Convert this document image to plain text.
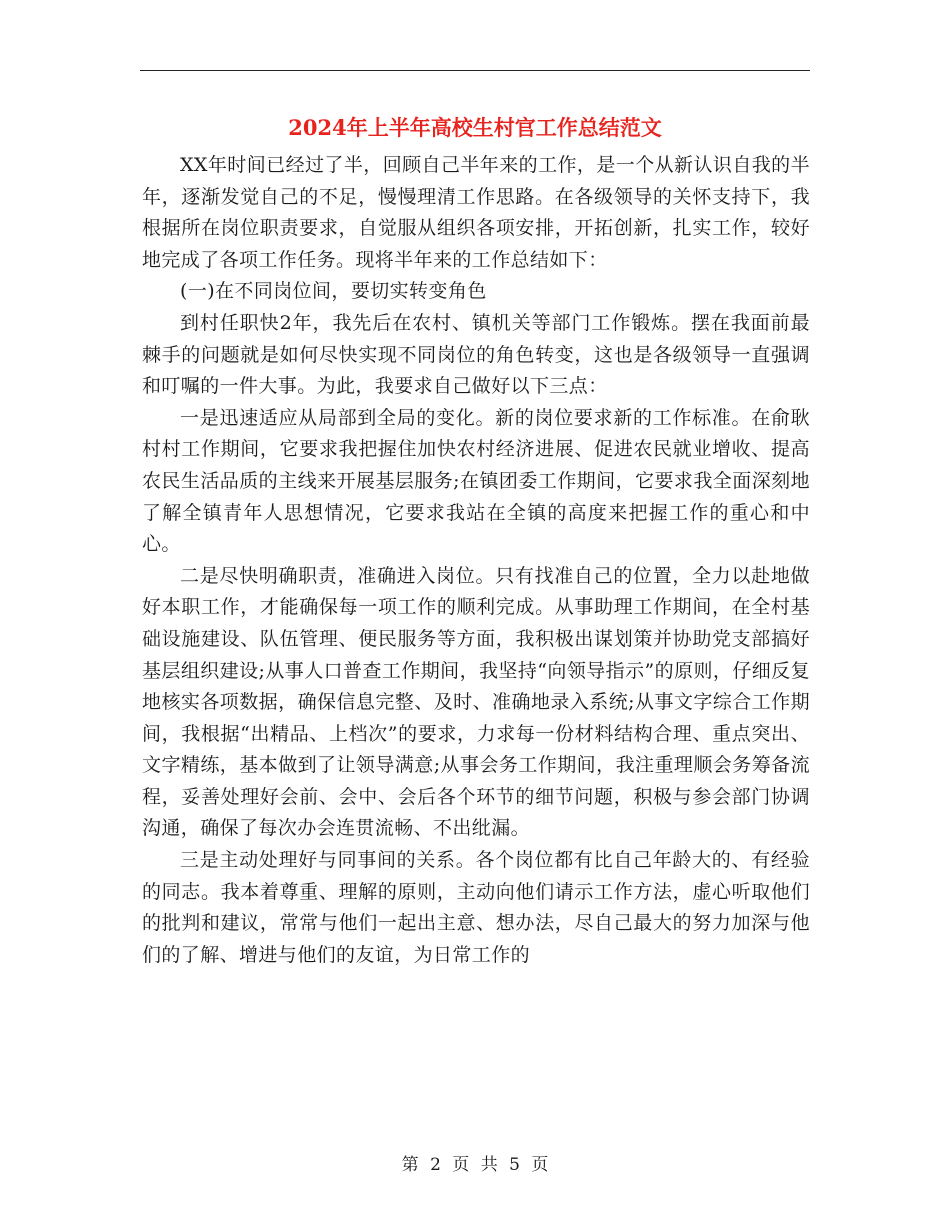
2024年上半年高校生村官工作总结范文

XX年时间已经过了半，回顾自己半年来的工作，是一个从新认识自我的半年，逐渐发觉自己的不足，慢慢理清工作思路。在各级领导的关怀支持下，我根据所在岗位职责要求，自觉服从组织各项安排，开拓创新，扎实工作，较好地完成了各项工作任务。现将半年来的工作总结如下：

(一)在不同岗位间，要切实转变角色

到村任职快2年，我先后在农村、镇机关等部门工作锻炼。摆在我面前最棘手的问题就是如何尽快实现不同岗位的角色转变，这也是各级领导一直强调和叮嘱的一件大事。为此，我要求自己做好以下三点：

一是迅速适应从局部到全局的变化。新的岗位要求新的工作标准。在俞耿村村工作期间，它要求我把握住加快农村经济进展、促进农民就业增收、提高农民生活品质的主线来开展基层服务;在镇团委工作期间，它要求我全面深刻地了解全镇青年人思想情况，它要求我站在全镇的高度来把握工作的重心和中心。

二是尽快明确职责，准确进入岗位。只有找准自己的位置，全力以赴地做好本职工作，才能确保每一项工作的顺利完成。从事助理工作期间，在全村基础设施建设、队伍管理、便民服务等方面，我积极出谋划策并协助党支部搞好基层组织建设;从事人口普查工作期间，我坚持“向领导指示”的原则，仔细反复地核实各项数据，确保信息完整、及时、准确地录入系统;从事文字综合工作期间，我根据“出精品、上档次”的要求，力求每一份材料结构合理、重点突出、文字精练，基本做到了让领导满意;从事会务工作期间，我注重理顺会务筹备流程，妥善处理好会前、会中、会后各个环节的细节问题，积极与参会部门协调沟通，确保了每次办会连贯流畅、不出纰漏。

三是主动处理好与同事间的关系。各个岗位都有比自己年龄大的、有经验的同志。我本着尊重、理解的原则，主动向他们请示工作方法，虚心听取他们的批判和建议，常常与他们一起出主意、想办法，尽自己最大的努力加深与他们的了解、增进与他们的友谊，为日常工作的

第 2 页 共 5 页
